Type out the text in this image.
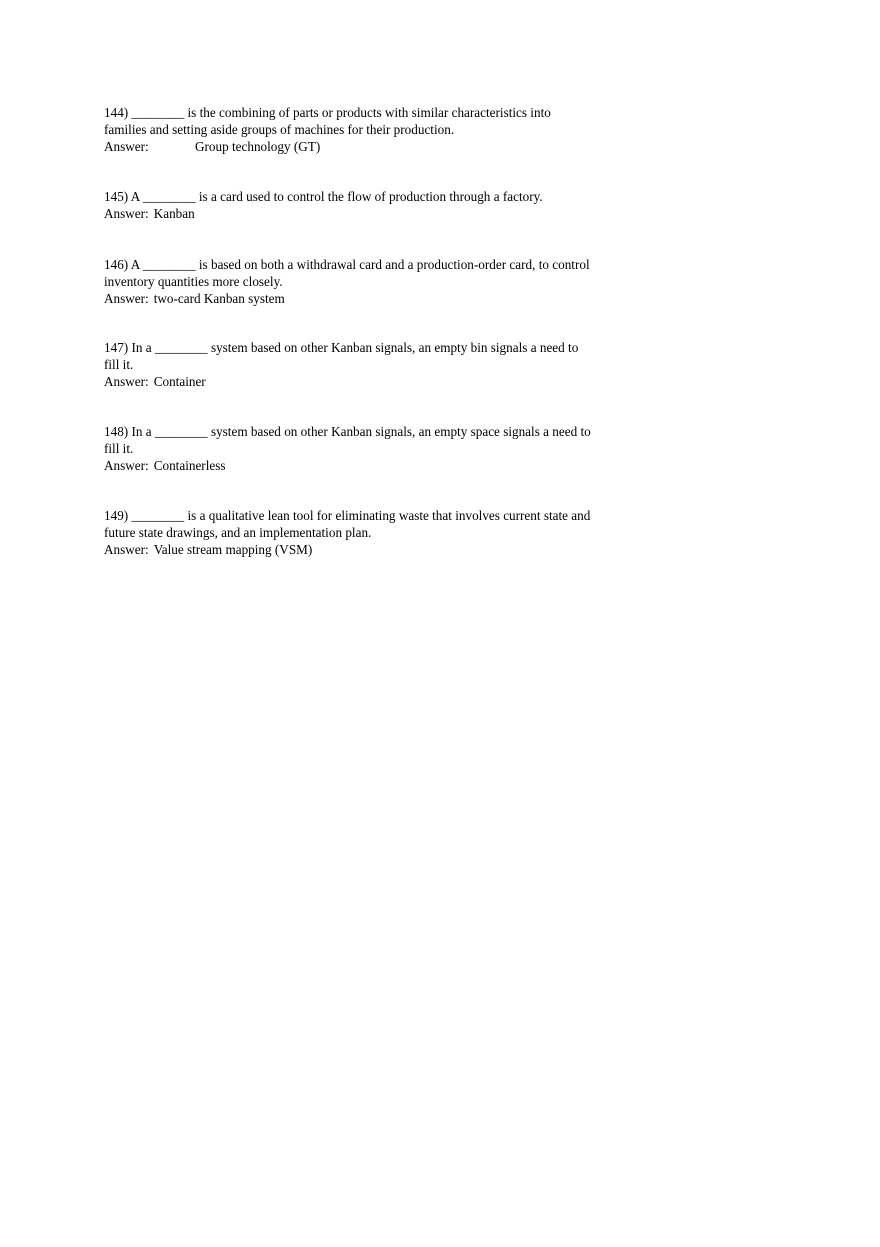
144) ________ is the combining of parts or products with similar characteristics into
families and setting aside groups of machines for their production.
Answer:	Group technology (GT)
145) A ________ is a card used to control the flow of production through a factory.
Answer: Kanban
146) A ________ is based on both a withdrawal card and a production-order card, to control
inventory quantities more closely.
Answer: two-card Kanban system
147) In a ________ system based on other Kanban signals, an empty bin signals a need to
fill it.
Answer: Container
148) In a ________ system based on other Kanban signals, an empty space signals a need to
fill it.
Answer: Containerless
149) ________ is a qualitative lean tool for eliminating waste that involves current state and
future state drawings, and an implementation plan.
Answer: Value stream mapping (VSM)
